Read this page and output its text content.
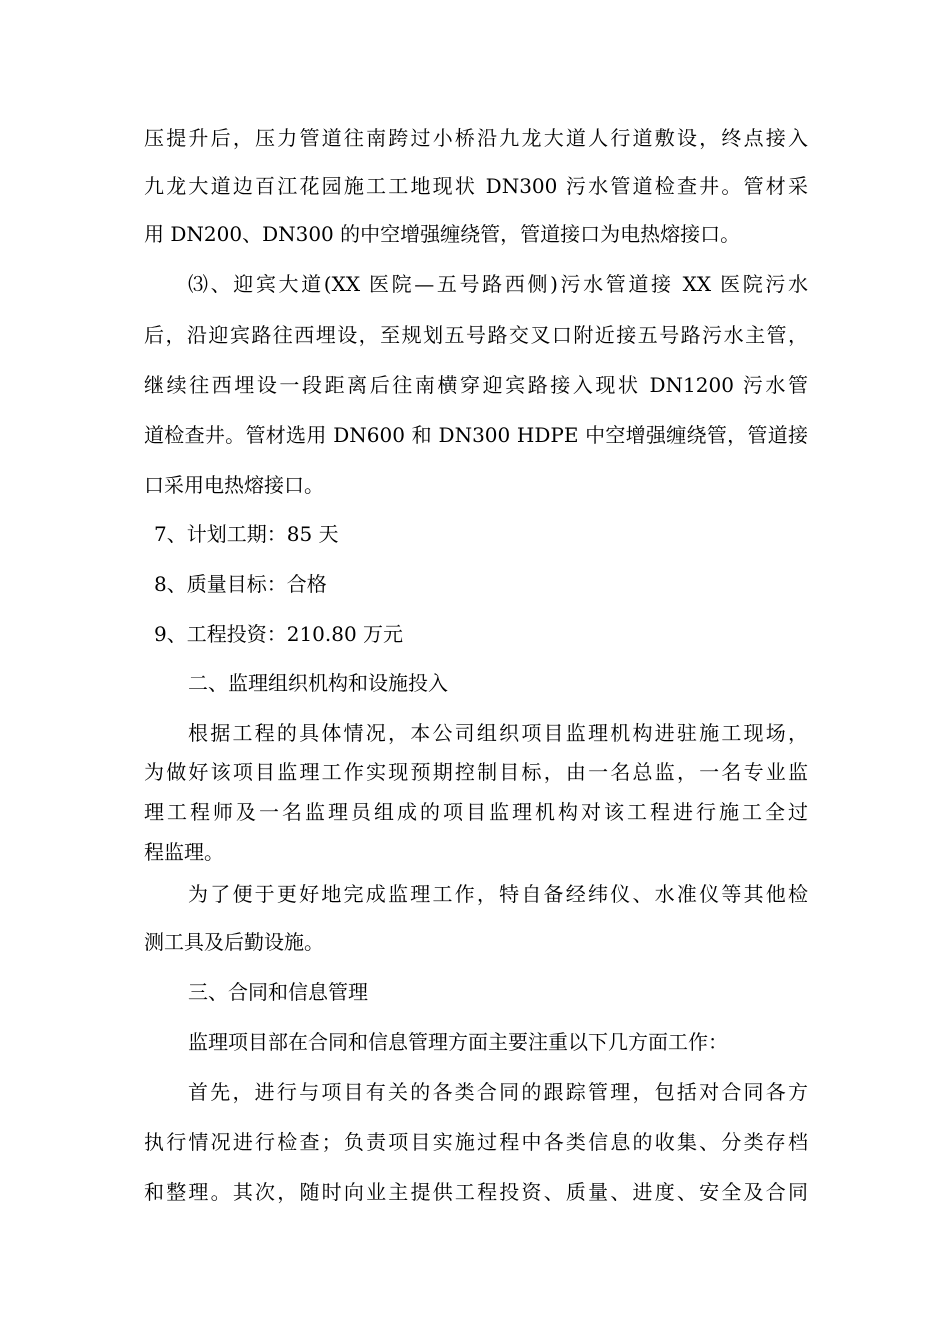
压提升后，压力管道往南跨过小桥沿九龙大道人行道敷设，终点接入
九龙大道边百江花园施工工地现状 DN300 污水管道检查井。管材采
用 DN200、DN300 的中空增强缠绕管，管道接口为电热熔接口。
⑶、迎宾大道(XX 医院—五号路西侧)污水管道接 XX 医院污水
后，沿迎宾路往西埋设，至规划五号路交叉口附近接五号路污水主管，
继续往西埋设一段距离后往南横穿迎宾路接入现状 DN1200 污水管
道检查井。管材选用 DN600 和 DN300 HDPE 中空增强缠绕管，管道接
口采用电热熔接口。
7、计划工期：85 天
8、质量目标：合格
9、工程投资：210.80 万元
二、监理组织机构和设施投入
根据工程的具体情况，本公司组织项目监理机构进驻施工现场，
为做好该项目监理工作实现预期控制目标，由一名总监，一名专业监
理工程师及一名监理员组成的项目监理机构对该工程进行施工全过
程监理。
为了便于更好地完成监理工作，特自备经纬仪、水准仪等其他检
测工具及后勤设施。
三、合同和信息管理
监理项目部在合同和信息管理方面主要注重以下几方面工作：
首先，进行与项目有关的各类合同的跟踪管理，包括对合同各方
执行情况进行检查；负责项目实施过程中各类信息的收集、分类存档
和整理。其次，随时向业主提供工程投资、质量、进度、安全及合同
